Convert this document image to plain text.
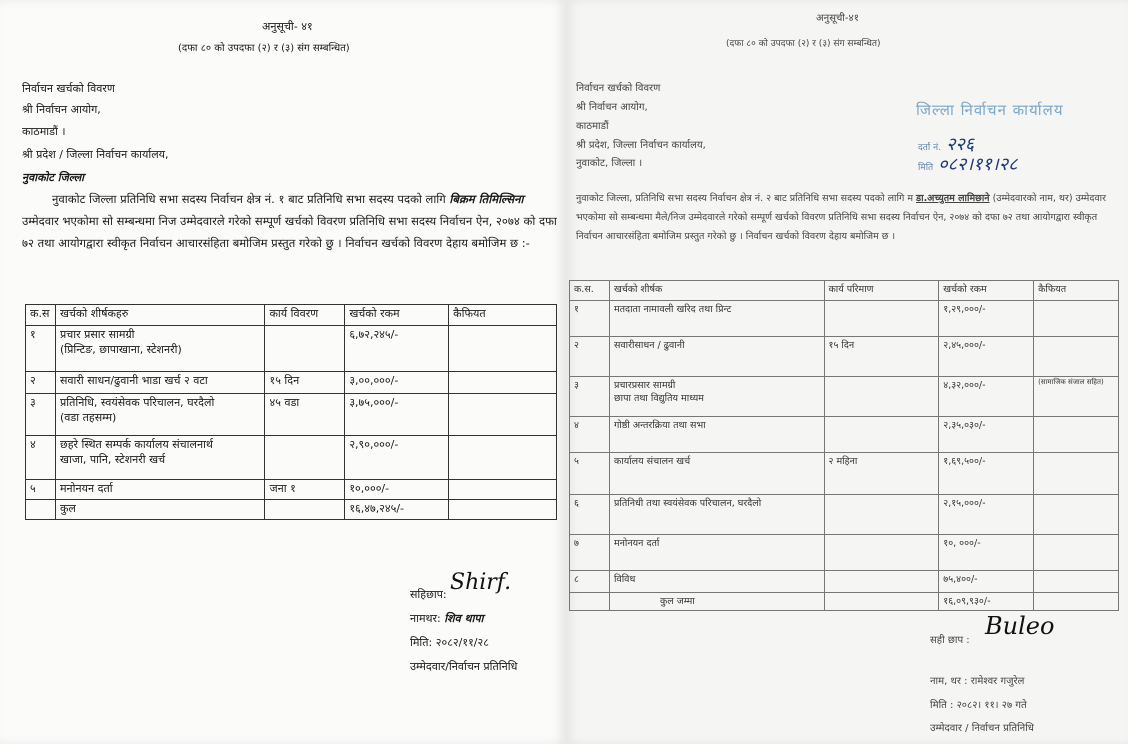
अनुसूची- ४१
(दफा ८० को उपदफा (२) र (३) संग सम्बन्धित)
निर्वाचन खर्चको विवरण
श्री निर्वाचन आयोग,
काठमाडौं ।
श्री प्रदेश / जिल्ला निर्वाचन कार्यालय,
नुवाकोट जिल्ला
नुवाकोट जिल्ला प्रतिनिधि सभा सदस्य निर्वाचन क्षेत्र नं. १ बाट प्रतिनिधि सभा सदस्य पदको लागि बिक्रम तिमिल्सिना उम्मेदवार भएकोमा सो सम्बन्धमा निज उम्मेदवारले गरेको सम्पूर्ण खर्चको विवरण प्रतिनिधि सभा सदस्य निर्वाचन ऐन, २०७४ को दफा ७२ तथा आयोगद्वारा स्वीकृत निर्वाचन आचारसंहिता बमोजिम प्रस्तुत गरेको छु । निर्वाचन खर्चको विवरण देहाय बमोजिम छ :-
क.स	खर्चको शीर्षकहरु	कार्य विवरण	खर्चको रकम	कैफियत
१	प्रचार प्रसार सामग्री
(प्रिन्टिङ, छापाखाना, स्टेशनरी)		६,७२,२४५/-	
२	सवारी साधन/ढुवानी भाडा खर्च २ वटा	१५ दिन	३,००,०००/-	
३	प्रतिनिधि, स्वयंसेवक परिचालन, घरदैलो
(वडा तहसम्म)	४५ वडा	३,७५,०००/-	
४	छहरे स्थित सम्पर्क कार्यालय संचालनार्थ
खाजा, पानि, स्टेशनरी खर्च		२,९०,०००/-	
५	मनोनयन दर्ता	जना १	१०,०००/-	
	कुल		१६,४७,२४५/-	
सहिछाप: Shirf.
नामथर: शिव थापा
मिति: २०८२/११/२८
उम्मेदवार/निर्वाचन प्रतिनिधि
अनुसूची-४१
(दफा ८० को उपदफा (२) र (३) संग सम्बन्धित)
निर्वाचन खर्चको विवरण
श्री निर्वाचन आयोग,
काठमाडौं
श्री प्रदेश, जिल्ला निर्वाचन कार्यालय,
नुवाकोट, जिल्ला ।
नुवाकोट जिल्ला, प्रतिनिधि सभा सदस्य निर्वाचन क्षेत्र नं. २ बाट प्रतिनिधि सभा सदस्य पदको लागि म डा.अच्युतम लामिछाने (उम्मेदवारको नाम, थर) उम्मेदवार भएकोमा सो सम्बन्धमा मैले/निज उम्मेदवारले गरेको सम्पूर्ण खर्चको विवरण प्रतिनिधि सभा सदस्य निर्वाचन ऐन, २०७४ को दफा ७२ तथा आयोगद्वारा स्वीकृत निर्वाचन आचारसंहिता बमोजिम प्रस्तुत गरेको छु । निर्वाचन खर्चको विवरण देहाय बमोजिम छ ।
जिल्ला निर्वाचन कार्यालय
दर्ता नं. २२६
मिति ०८२।११।२८
क.स.	खर्चको शीर्षक	कार्य परिमाण	खर्चको रकम	कैफियत
१	मतदाता नामावली खरिद तथा प्रिन्ट		१,२९,०००/-	
२	सवारीसाधन / ढुवानी	१५ दिन	२,४५,०००/-	
३	प्रचारप्रसार सामग्री
छापा तथा विद्युतिय माध्यम		४,३२,०००/-	(सामाजिक संजाल सहित)
४	गोष्ठी अन्तरक्रिया तथा सभा		२,३५,०३०/-	
५	कार्यालय संचालन खर्च	२ महिना	१,६९,५००/-	
६	प्रतिनिधी तथा स्वयंसेवक परिचालन, घरदैलो		२,१५,०००/-	
७	मनोनयन दर्ता		१०, ०००/-	
८	विविध		७५,४००/-	
	कुल जम्मा		१६,०९,९३०/-	
सही छाप :
Buleo
नाम, थर : रामेश्वर गजुरेल
मिति : २०८२। ११। २७ गते
उम्मेदवार / निर्वाचन प्रतिनिधि
